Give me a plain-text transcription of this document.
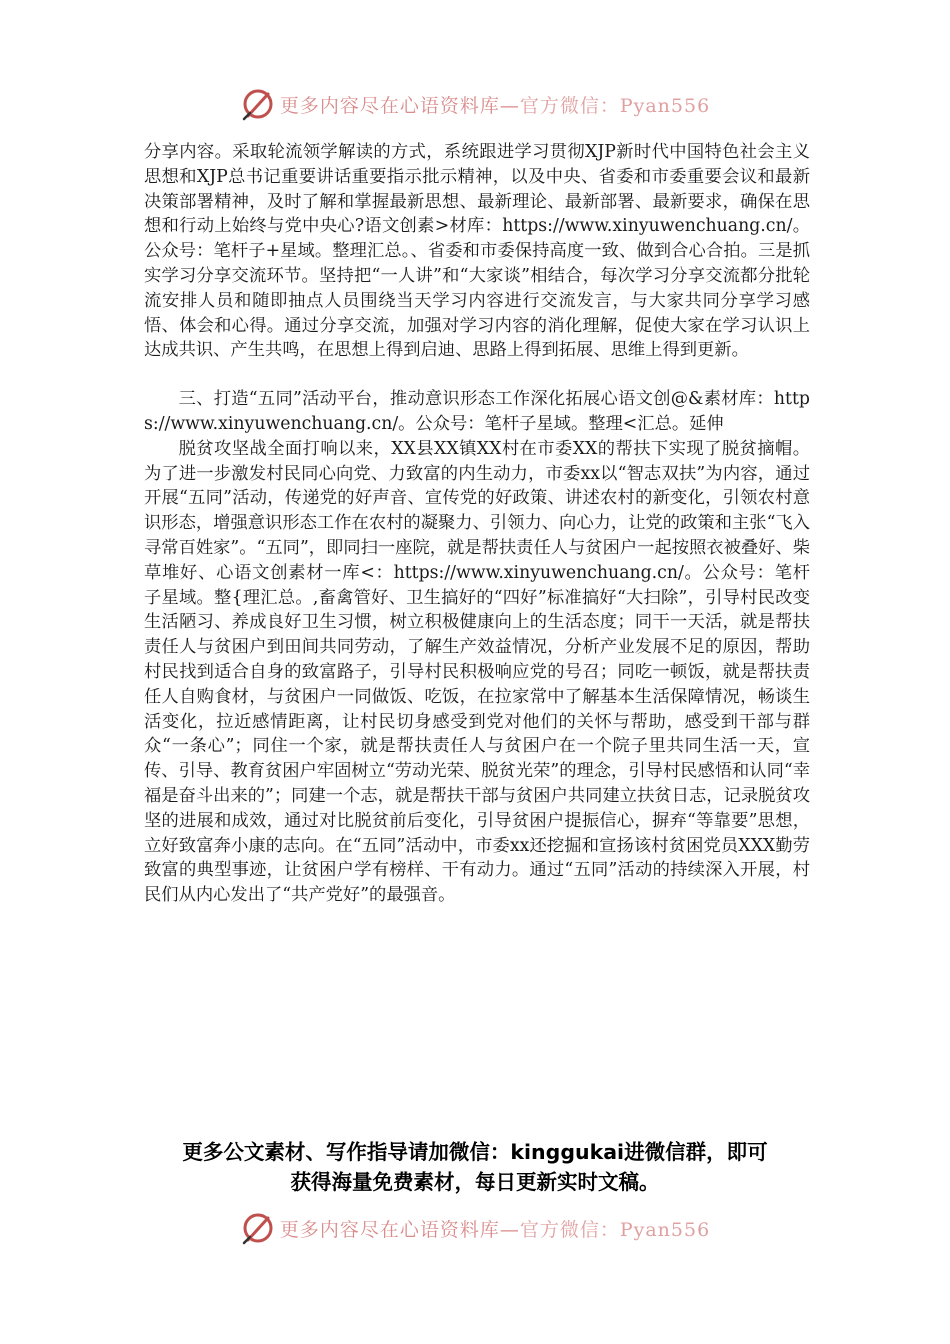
更多内容尽在心语资料库— 官方微信：Pyan556

分享内容。采取轮流领学解读的方式，系统跟进学习贯彻XJP新时代中国特色社会主义思想和XJP总书记重要讲话重要指示批示精神，以及中央、省委和市委重要会议和最新决策部署精神，及时了解和掌握最新思想、最新理论、最新部署、最新要求，确保在思想和行动上始终与党中央心?语文创素>材库：https://www.xinyuwenchuang.cn/。公众号：笔杆子+星域。整理汇总。、省委和市委保持高度一致、做到合心合拍。三是抓实学习分享交流环节。坚持把“一人讲”和“大家谈”相结合，每次学习分享交流都分批轮流安排人员和随即抽点人员围绕当天学习内容进行交流发言，与大家共同分享学习感悟、体会和心得。通过分享交流，加强对学习内容的消化理解，促使大家在学习认识上达成共识、产生共鸣，在思想上得到启迪、思路上得到拓展、思维上得到更新。

三、打造“五同”活动平台，推动意识形态工作深化拓展心语文创@&素材库：https://www.xinyuwenchuang.cn/。公众号：笔杆子星域。整理<汇总。延伸

脱贫攻坚战全面打响以来，XX县XX镇XX村在市委XX的帮扶下实现了脱贫摘帽。为了进一步激发村民同心向党、力致富的内生动力，市委xx以“智志双扶”为内容，通过开展“五同”活动，传递党的好声音、宣传党的好政策、讲述农村的新变化，引领农村意识形态，增强意识形态工作在农村的凝聚力、引领力、向心力，让党的政策和主张“飞入寻常百姓家”。“五同”，即同扫一座院，就是帮扶责任人与贫困户一起按照衣被叠好、柴草堆好、心语文创素材一库<：https://www.xinyuwenchuang.cn/。公众号：笔杆子星域。整{理汇总。,畜禽管好、卫生搞好的“四好”标准搞好“大扫除”，引导村民改变生活陋习、养成良好卫生习惯，树立积极健康向上的生活态度；同干一天活，就是帮扶责任人与贫困户到田间共同劳动，了解生产效益情况，分析产业发展不足的原因，帮助村民找到适合自身的致富路子，引导村民积极响应党的号召；同吃一顿饭，就是帮扶责任人自购食材，与贫困户一同做饭、吃饭，在拉家常中了解基本生活保障情况，畅谈生活变化，拉近感情距离，让村民切身感受到党对他们的关怀与帮助，感受到干部与群众“一条心”；同住一个家，就是帮扶责任人与贫困户在一个院子里共同生活一天，宣传、引导、教育贫困户牢固树立“劳动光荣、脱贫光荣”的理念，引导村民感悟和认同“幸福是奋斗出来的”；同建一个志，就是帮扶干部与贫困户共同建立扶贫日志，记录脱贫攻坚的进展和成效，通过对比脱贫前后变化，引导贫困户提振信心，摒弃“等靠要”思想，立好致富奔小康的志向。在“五同”活动中，市委xx还挖掘和宣扬该村贫困党员XXX勤劳致富的典型事迹，让贫困户学有榜样、干有动力。通过“五同”活动的持续深入开展，村民们从内心发出了“共产党好”的最强音。

更多公文素材、写作指导请加微信：kinggukai进微信群，即可
获得海量免费素材，每日更新实时文稿。
更多内容尽在心语资料库— 官方微信：Pyan556
